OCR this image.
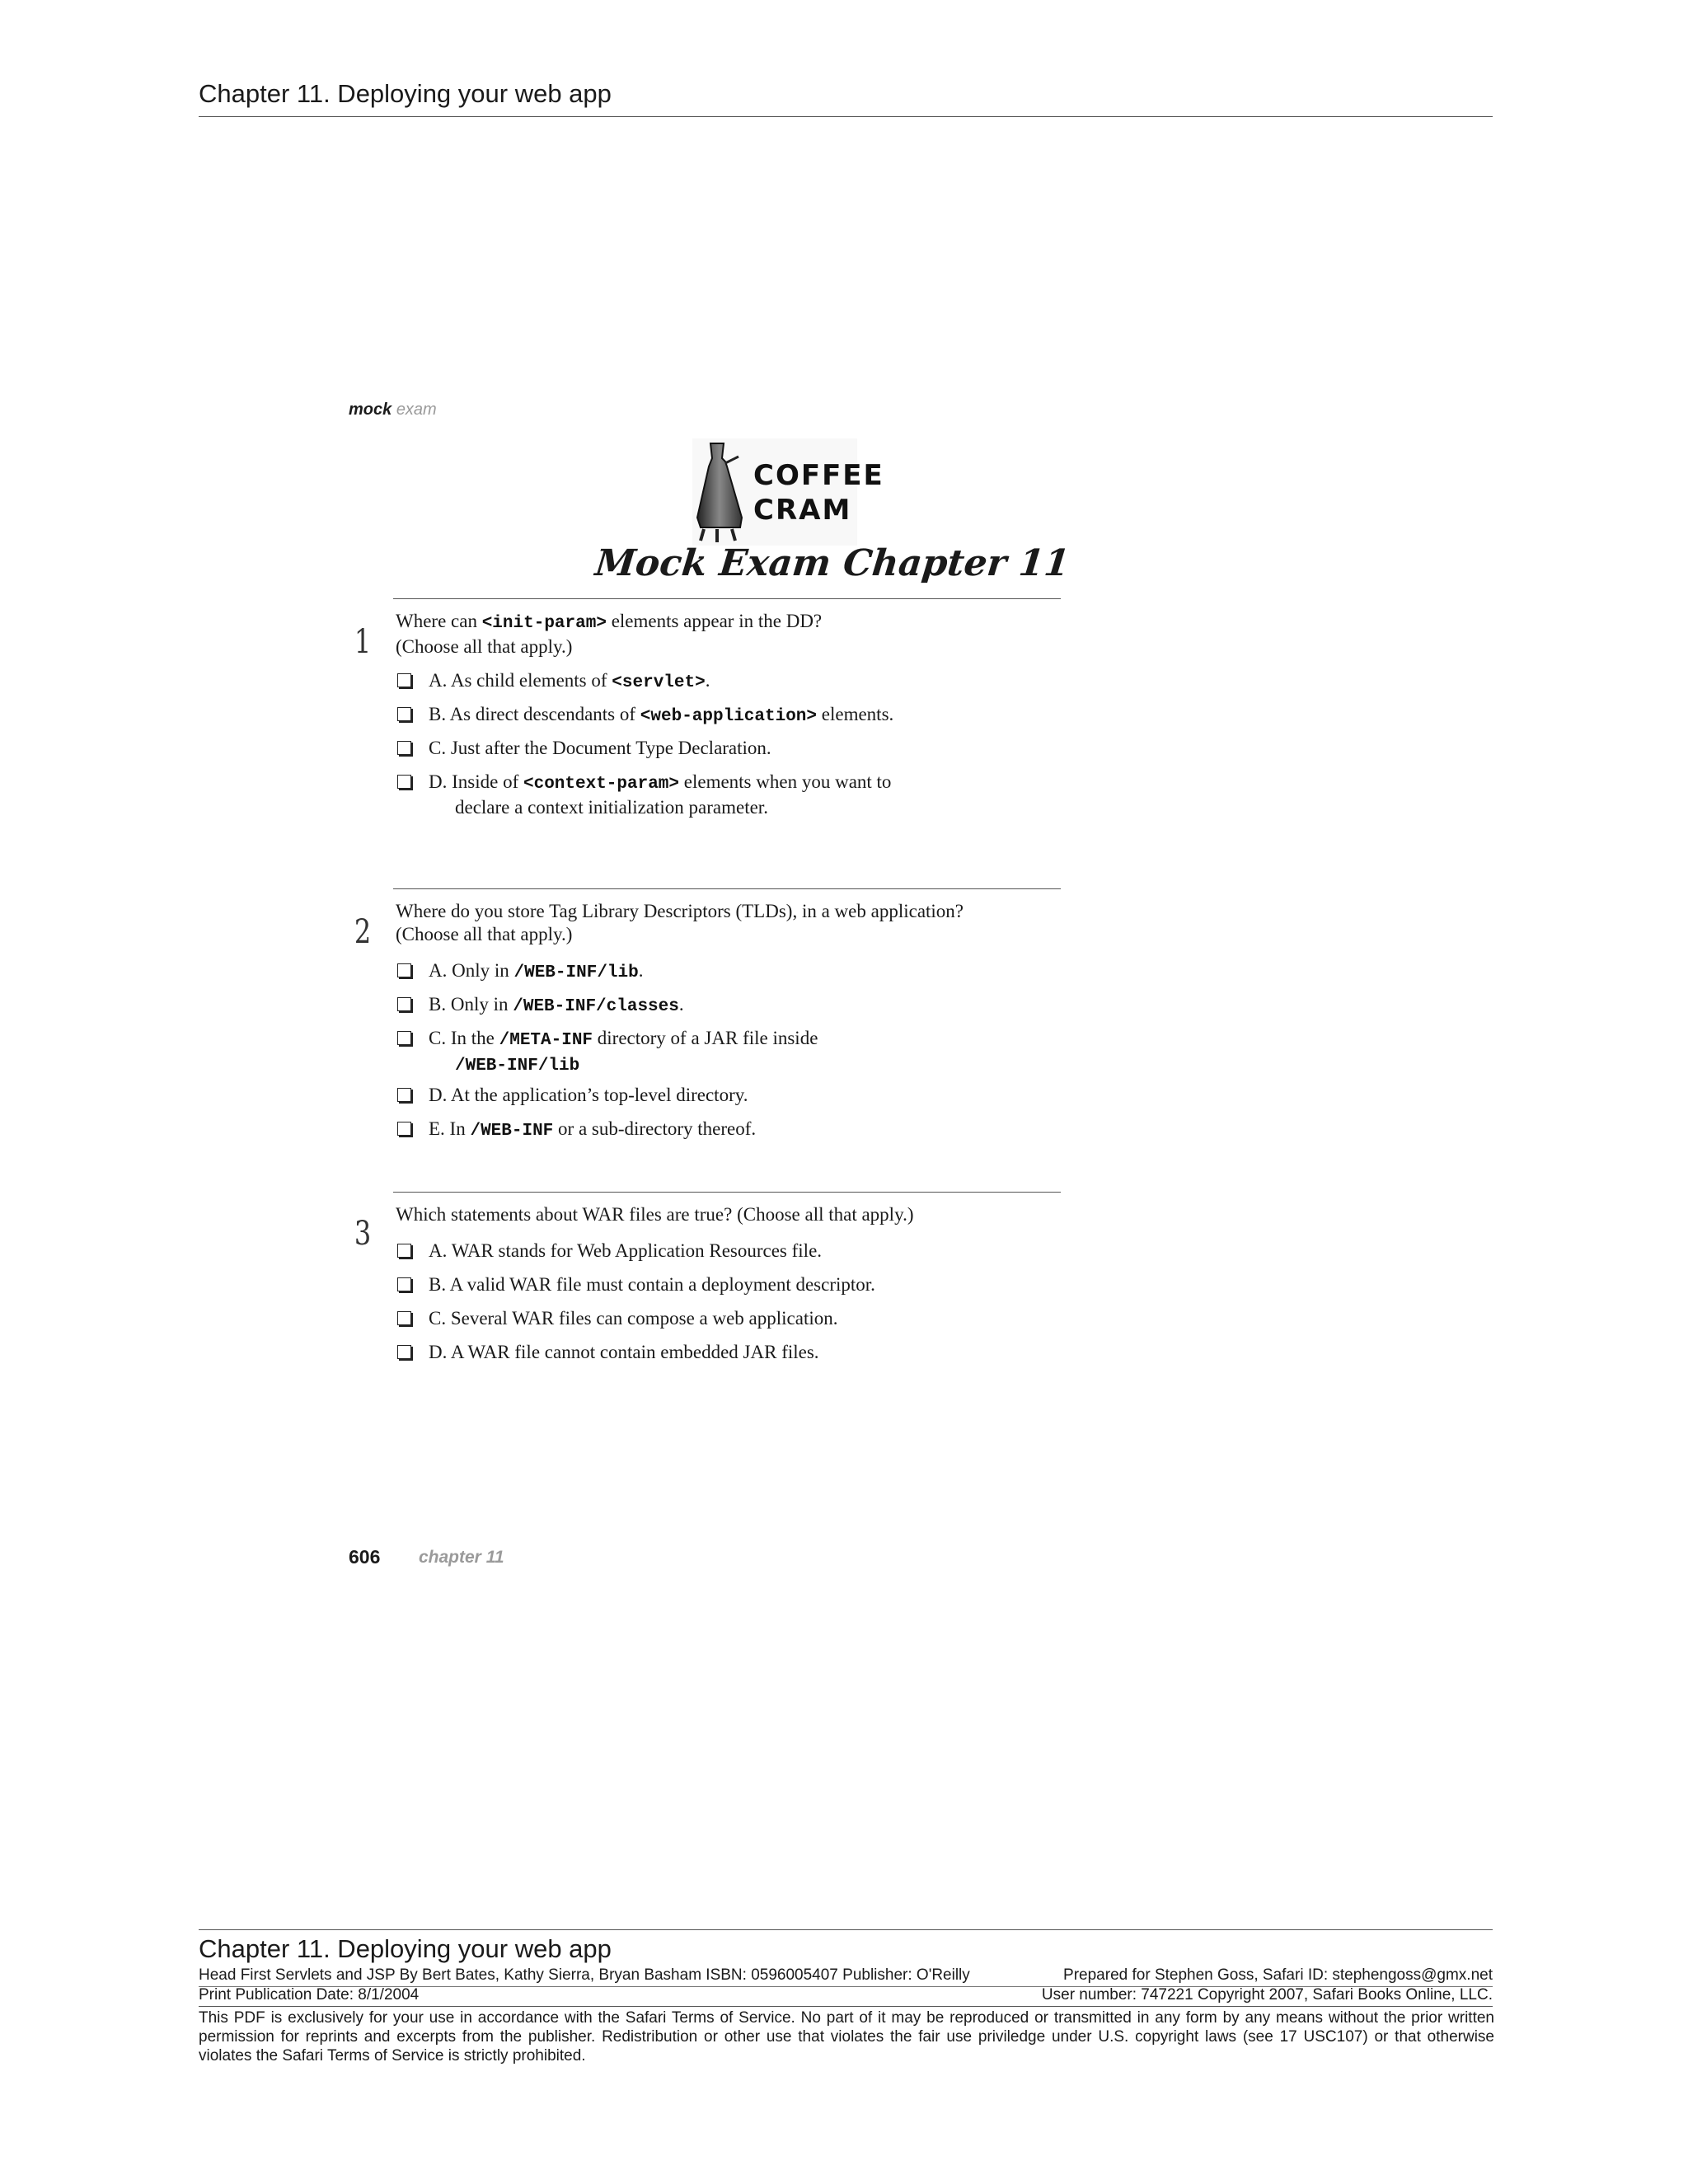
Chapter 11. Deploying your web app
mock exam
COFFEE
CRAM
Mock Exam Chapter 11
1
Where can <init-param> elements appear in the DD?
(Choose all that apply.)
A. As child elements of <servlet>.
B. As direct descendants of <web-application> elements.
C. Just after the Document Type Declaration.
D. Inside of <context-param> elements when you want to
declare a context initialization parameter.
2
Where do you store Tag Library Descriptors (TLDs), in a web application?
(Choose all that apply.)
A. Only in /WEB-INF/lib.
B. Only in /WEB-INF/classes.
C. In the /META-INF directory of a JAR file inside
/WEB-INF/lib
D. At the application’s top-level directory.
E. In /WEB-INF or a sub-directory thereof.
3
Which statements about WAR files are true? (Choose all that apply.)
A. WAR stands for Web Application Resources file.
B. A valid WAR file must contain a deployment descriptor.
C. Several WAR files can compose a web application.
D. A WAR file cannot contain embedded JAR files.
606 chapter 11
Chapter 11. Deploying your web app
Head First Servlets and JSP By Bert Bates, Kathy Sierra, Bryan Basham ISBN: 0596005407 Publisher: O'Reilly	Prepared for Stephen Goss, Safari ID: stephengoss@gmx.net
Print Publication Date: 8/1/2004	User number: 747221 Copyright 2007, Safari Books Online, LLC.
This PDF is exclusively for your use in accordance with the Safari Terms of Service. No part of it may be reproduced or transmitted in any form by any means without the prior written permission for reprints and excerpts from the publisher. Redistribution or other use that violates the fair use priviledge under U.S. copyright laws (see 17 USC107) or that otherwise violates the Safari Terms of Service is strictly prohibited.
